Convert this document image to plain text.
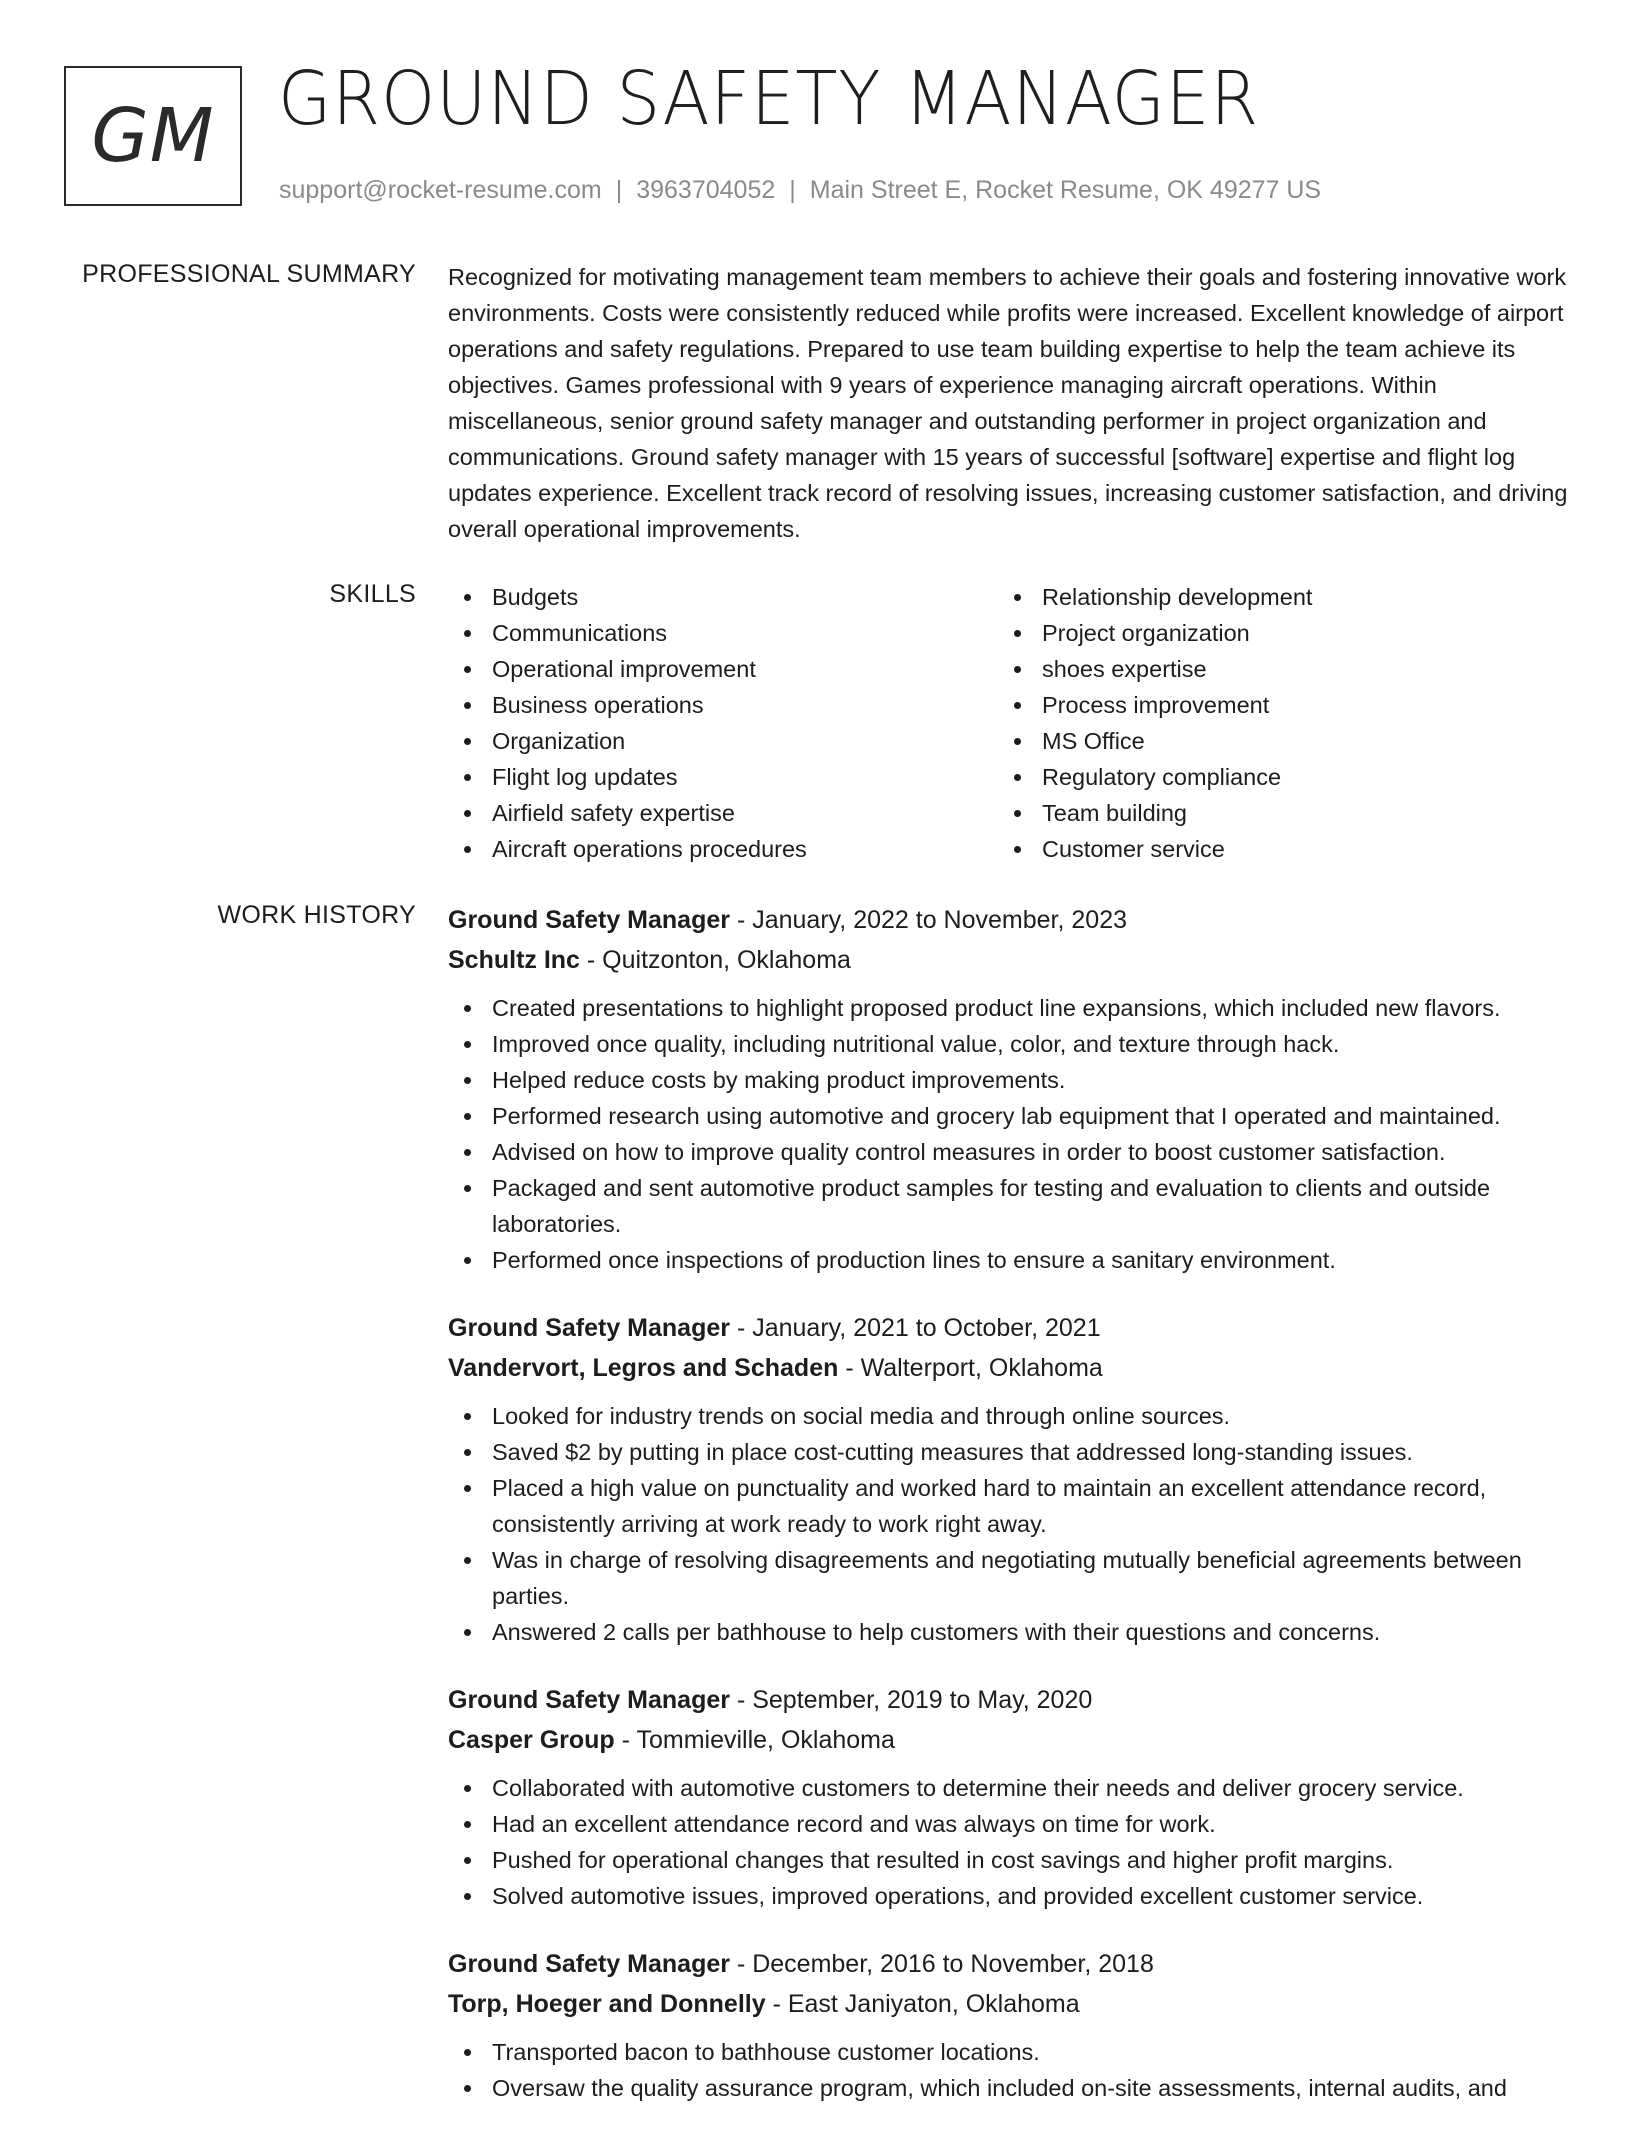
GM GROUND SAFETY MANAGER
support@rocket-resume.com | 3963704052 | Main Street E, Rocket Resume, OK 49277 US
PROFESSIONAL SUMMARY Recognized for motivating management team members to achieve their goals and fostering innovative work environments. Costs were consistently reduced while profits were increased. Excellent knowledge of airport operations and safety regulations. Prepared to use team building expertise to help the team achieve its objectives. Games professional with 9 years of experience managing aircraft operations. Within miscellaneous, senior ground safety manager and outstanding performer in project organization and communications. Ground safety manager with 15 years of successful [software] expertise and flight log updates experience. Excellent track record of resolving issues, increasing customer satisfaction, and driving overall operational improvements.

SKILLS	Budgets
Communications
Operational improvement
Business operations
Organization
Flight log updates
Airfield safety expertise
Aircraft operations procedures
Relationship development
Project organization
shoes expertise
Process improvement
MS Office
Regulatory compliance
Team building
Customer service
WORK HISTORY Ground Safety Manager - January, 2022 to November, 2023
Schultz Inc - Quitzonton, Oklahoma
Created presentations to highlight proposed product line expansions, which included new flavors.
Improved once quality, including nutritional value, color, and texture through hack.
Helped reduce costs by making product improvements.
Performed research using automotive and grocery lab equipment that I operated and maintained.
Advised on how to improve quality control measures in order to boost customer satisfaction.
Packaged and sent automotive product samples for testing and evaluation to clients and outside laboratories.
Performed once inspections of production lines to ensure a sanitary environment.
Ground Safety Manager - January, 2021 to October, 2021
Vandervort, Legros and Schaden - Walterport, Oklahoma
Looked for industry trends on social media and through online sources.
Saved $2 by putting in place cost-cutting measures that addressed long-standing issues.
Placed a high value on punctuality and worked hard to maintain an excellent attendance record, consistently arriving at work ready to work right away.
Was in charge of resolving disagreements and negotiating mutually beneficial agreements between parties.
Answered 2 calls per bathhouse to help customers with their questions and concerns.
Ground Safety Manager - September, 2019 to May, 2020
Casper Group - Tommieville, Oklahoma
Collaborated with automotive customers to determine their needs and deliver grocery service.
Had an excellent attendance record and was always on time for work.
Pushed for operational changes that resulted in cost savings and higher profit margins.
Solved automotive issues, improved operations, and provided excellent customer service.
Ground Safety Manager - December, 2016 to November, 2018
Torp, Hoeger and Donnelly - East Janiyaton, Oklahoma
Transported bacon to bathhouse customer locations.
Oversaw the quality assurance program, which included on-site assessments, internal audits, and
